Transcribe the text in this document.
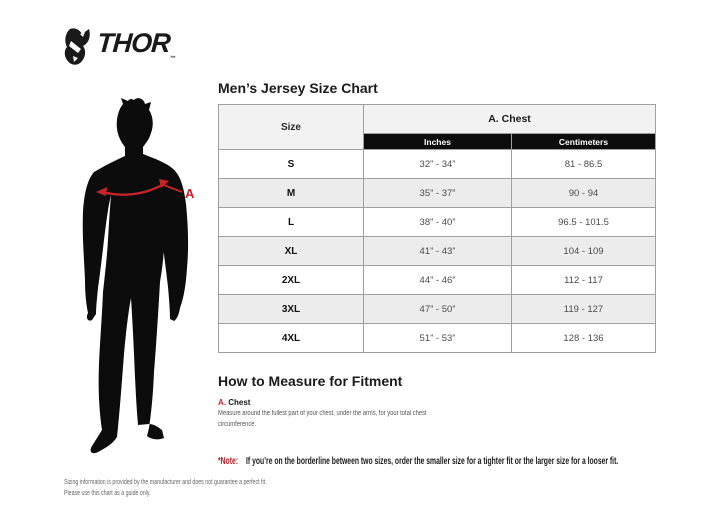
$THOR_™$
A
Men’s Jersey Size Chart
Size	A. Chest	
	Inches	Centimeters
S	32” - 34”	81 - 86.5
M	35” - 37”	90 - 94
L	38” - 40”	96.5 - 101.5
XL	41” - 43”	104 - 109
2XL	44” - 46”	112 - 117
3XL	47” - 50”	119 - 127
4XL	51” - 53”	128 - 136
How to Measure for Fitment
A. Chest
Measure around the fullest part of your chest, under the arms, for your total chest circumference.
*Note: If you’re on the borderline between two sizes, order the smaller size for a tighter fit or the larger size for a looser fit.
Sizing information is provided by the manufacturer and does not guarantee a perfect fit.
Please use this chart as a guide only.
